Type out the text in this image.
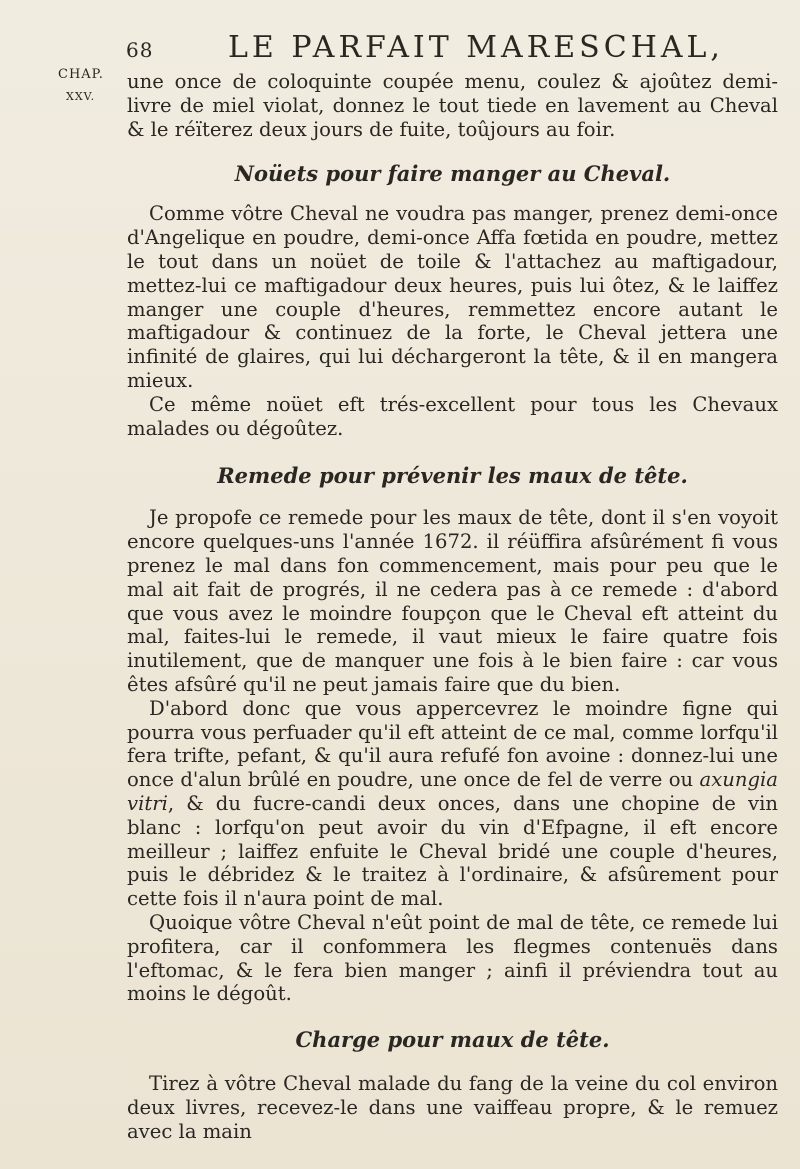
68 LE PARFAIT MARESCHAL,
CHAP.
XXV.

une once de coloquinte coupée menu, coulez & ajoûtez demi-livre de miel violat, donnez le tout tiede en lavement au Cheval & le réïterez deux jours de fuite, toûjours au foir.

Noüets pour faire manger au Cheval.

Comme vôtre Cheval ne voudra pas manger, prenez demi-once d'Angelique en poudre, demi-once Affa fœtida en poudre, mettez le tout dans un noüet de toile & l'attachez au maftigadour, mettez-lui ce maftigadour deux heures, puis lui ôtez, & le laiffez manger une couple d'heures, remmettez encore autant le maftigadour & continuez de la forte, le Cheval jettera une infinité de glaires, qui lui déchargeront la tête, & il en mangera mieux.

Ce même noüet eft trés-excellent pour tous les Chevaux malades ou dégoûtez.

Remede pour prévenir les maux de tête.

Je propofe ce remede pour les maux de tête, dont il s'en voyoit encore quelques-uns l'année 1672. il réüffira afsûrément fi vous prenez le mal dans fon commencement, mais pour peu que le mal ait fait de progrés, il ne cedera pas à ce remede : d'abord que vous avez le moindre foupçon que le Cheval eft atteint du mal, faites-lui le remede, il vaut mieux le faire quatre fois inutilement, que de manquer une fois à le bien faire : car vous êtes afsûré qu'il ne peut jamais faire que du bien.

D'abord donc que vous appercevrez le moindre figne qui pourra vous perfuader qu'il eft atteint de ce mal, comme lorfqu'il fera trifte, pefant, & qu'il aura refufé fon avoine : donnez-lui une once d'alun brûlé en poudre, une once de fel de verre ou axungia vitri, & du fucre-candi deux onces, dans une chopine de vin blanc : lorfqu'on peut avoir du vin d'Efpagne, il eft encore meilleur ; laiffez enfuite le Cheval bridé une couple d'heures, puis le débridez & le traitez à l'ordinaire, & afsûrement pour cette fois il n'aura point de mal.

Quoique vôtre Cheval n'eût point de mal de tête, ce remede lui profitera, car il confommera les flegmes contenuës dans l'eftomac, & le fera bien manger ; ainfi il préviendra tout au moins le dégoût.

Charge pour maux de tête.

Tirez à vôtre Cheval malade du fang de la veine du col environ deux livres, recevez-le dans une vaiffeau propre, & le remuez avec la main
